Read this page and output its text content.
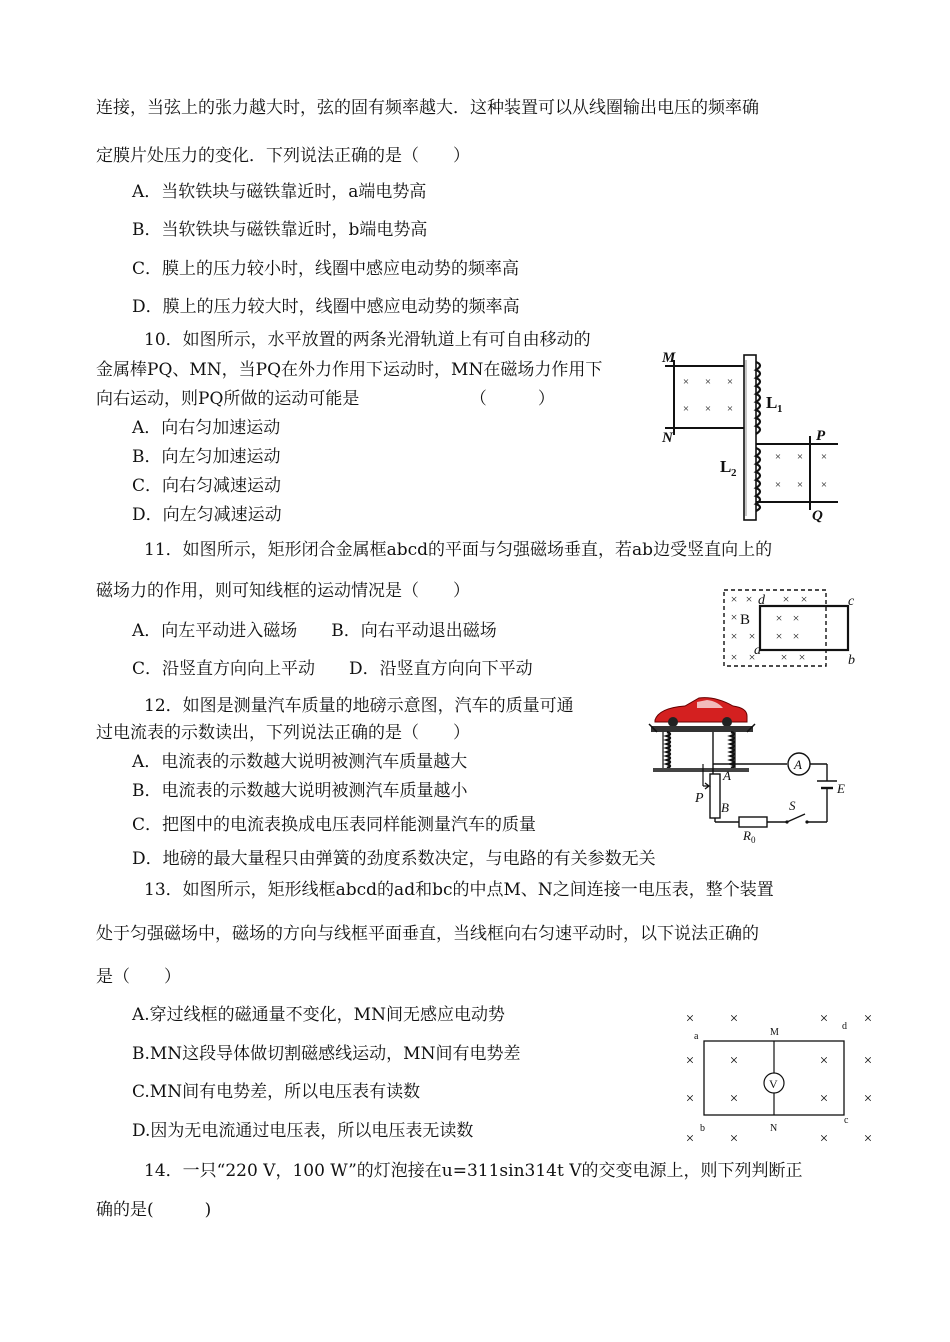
连接，当弦上的张力越大时，弦的固有频率越大．这种装置可以从线圈输出电压的频率确
定膜片处压力的变化．下列说法正确的是（　　）
A．当软铁块与磁铁靠近时，a端电势高
B．当软铁块与磁铁靠近时，b端电势高
C．膜上的压力较小时，线圈中感应电动势的频率高
D．膜上的压力较大时，线圈中感应电动势的频率高
10．如图所示，水平放置的两条光滑轨道上有可自由移动的
金属棒PQ、MN，当PQ在外力作用下运动时，MN在磁场力作用下
向右运动，则PQ所做的运动可能是　　　　　　　（　　　）
A．向右匀加速运动
B．向左匀加速运动
C．向右匀减速运动
D．向左匀减速运动
× × ×
× × ×
× × ×
× × ×
M
N	P
Q
L 1
L 2
11．如图所示，矩形闭合金属框abcd的平面与匀强磁场垂直，若ab边受竖直向上的
磁场力的作用，则可知线框的运动情况是（　　）
A．向左平动进入磁场　　B．向右平动退出磁场
C．沿竖直方向向上平动　　D．沿竖直方向向下平动
× ×	× ×
× ×
× × × ×
× × × ×
× B
d
a
c
b
12．如图是测量汽车质量的地磅示意图，汽车的质量可通
过电流表的示数读出，下列说法正确的是（　　）
A．电流表的示数越大说明被测汽车质量越大
B．电流表的示数越大说明被测汽车质量越小
C．把图中的电流表换成电压表同样能测量汽车的质量
D．地磅的最大量程只由弹簧的劲度系数决定，与电路的有关参数无关
A
A
P
B	S
E
R 0
13．如图所示，矩形线框abcd的ad和bc的中点M、N之间连接一电压表，整个装置
处于匀强磁场中，磁场的方向与线框平面垂直，当线框向右匀速平动时，以下说法正确的
是（　　）
A.穿过线框的磁通量不变化，MN间无感应电动势
B.MN这段导体做切割磁感线运动，MN间有电势差
C.MN间有电势差，所以电压表有读数
D.因为无电流通过电压表，所以电压表无读数
× ×	× ×
× ×	× ×
× ×	× ×
× ×	× ×
V
a
b
c
d
M
N
14．一只“220 V，100 W”的灯泡接在u=311sin314t V的交变电源上，则下列判断正
确的是(　　　)
